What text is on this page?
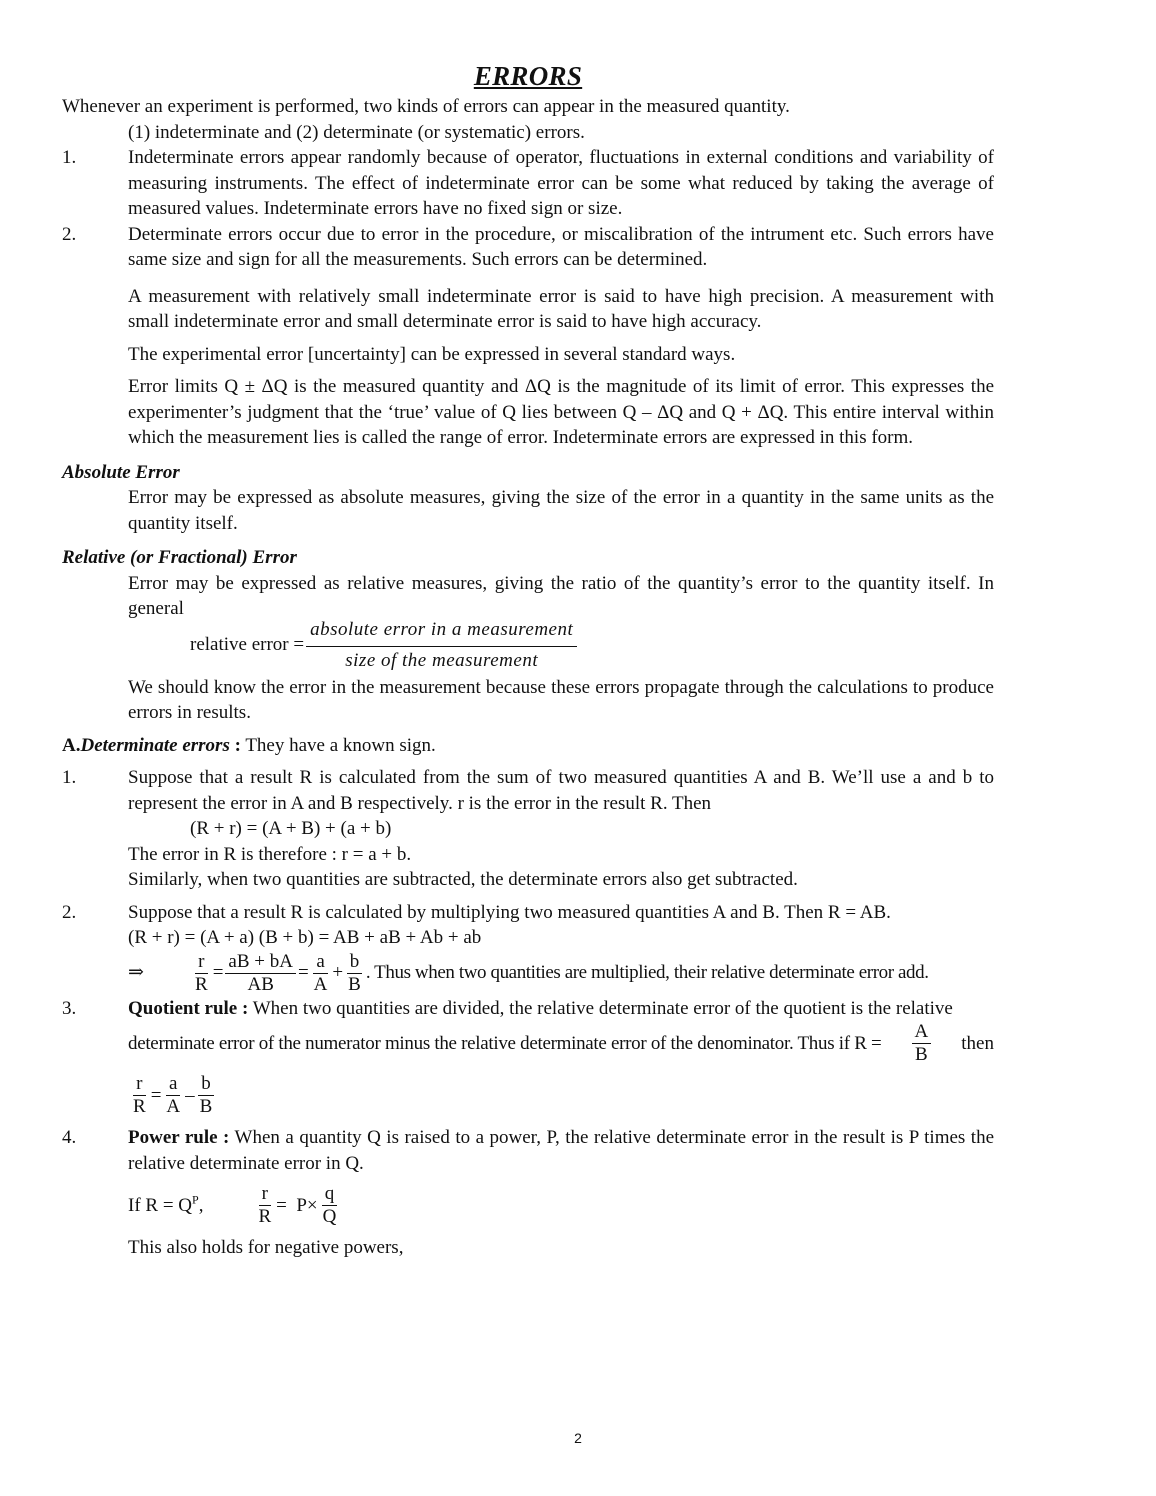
ERRORS

Whenever an experiment is performed, two kinds of errors can appear in the measured quantity.

(1) indeterminate and (2) determinate (or systematic) errors.

1.	Indeterminate errors appear randomly because of operator, fluctuations in external conditions and variability of measuring instruments. The effect of indeterminate error can be some what reduced by taking the average of measured values. Indeterminate errors have no fixed sign or size.
2.	Determinate errors occur due to error in the procedure, or miscalibration of the intrument etc. Such errors have same size and sign for all the measurements. Such errors can be determined.

A measurement with relatively small indeterminate error is said to have high precision. A measurement with small indeterminate error and small determinate error is said to have high accuracy.

The experimental error [uncertainty] can be expressed in several standard ways.

Error limits Q ± ΔQ is the measured quantity and ΔQ is the magnitude of its limit of error. This expresses the experimenter’s judgment that the ‘true’ value of Q lies between Q – ΔQ and Q + ΔQ. This entire interval within which the measurement lies is called the range of error. Indeterminate errors are expressed in this form.

Absolute Error

Error may be expressed as absolute measures, giving the size of the error in a quantity in the same units as the quantity itself.

Relative (or Fractional) Error

Error may be expressed as relative measures, giving the ratio of the quantity’s error to the quantity itself. In general

relative error = $\frac{\text{absolute error in a measurement}}{\text{size of the measurement}}$

We should know the error in the measurement because these errors propagate through the calculations to produce errors in results.

A.Determinate errors : They have a known sign.

1.	Suppose that a result R is calculated from the sum of two measured quantities A and B. We’ll use a and b to represent the error in A and B respectively. r is the error in the result R. Then

(R + r) = (A + B) + (a + b)

The error in R is therefore : r = a + b.

Similarly, when two quantities are subtracted, the determinate errors also get subtracted.

2.	Suppose that a result R is calculated by multiplying two measured quantities A and B. Then R = AB.

(R + r) = (A + a) (B + b) = AB + aB + Ab + ab

⇒	$\frac{r}{R} = \frac{aB + bA}{AB} = \frac{a}{A} + \frac{b}{B}$ . Thus when two quantities are multiplied, their relative determinate error add.
3.	Quotient rule : When two quantities are divided, the relative determinate error of the quotient is the relative

determinate error of the numerator minus the relative determinate error of the denominator. Thus if $R = \frac{A}{B}$ then
$\frac{r}{R} = \frac{a}{A} - \frac{b}{B}$
4.	Power rule : When a quantity Q is raised to a power, P, the relative determinate error in the result is P times the relative determinate error in Q.

If $R = Q^P$,	$\frac{r}{R} = P\times \frac{q}{Q}$

This also holds for negative powers,

2
